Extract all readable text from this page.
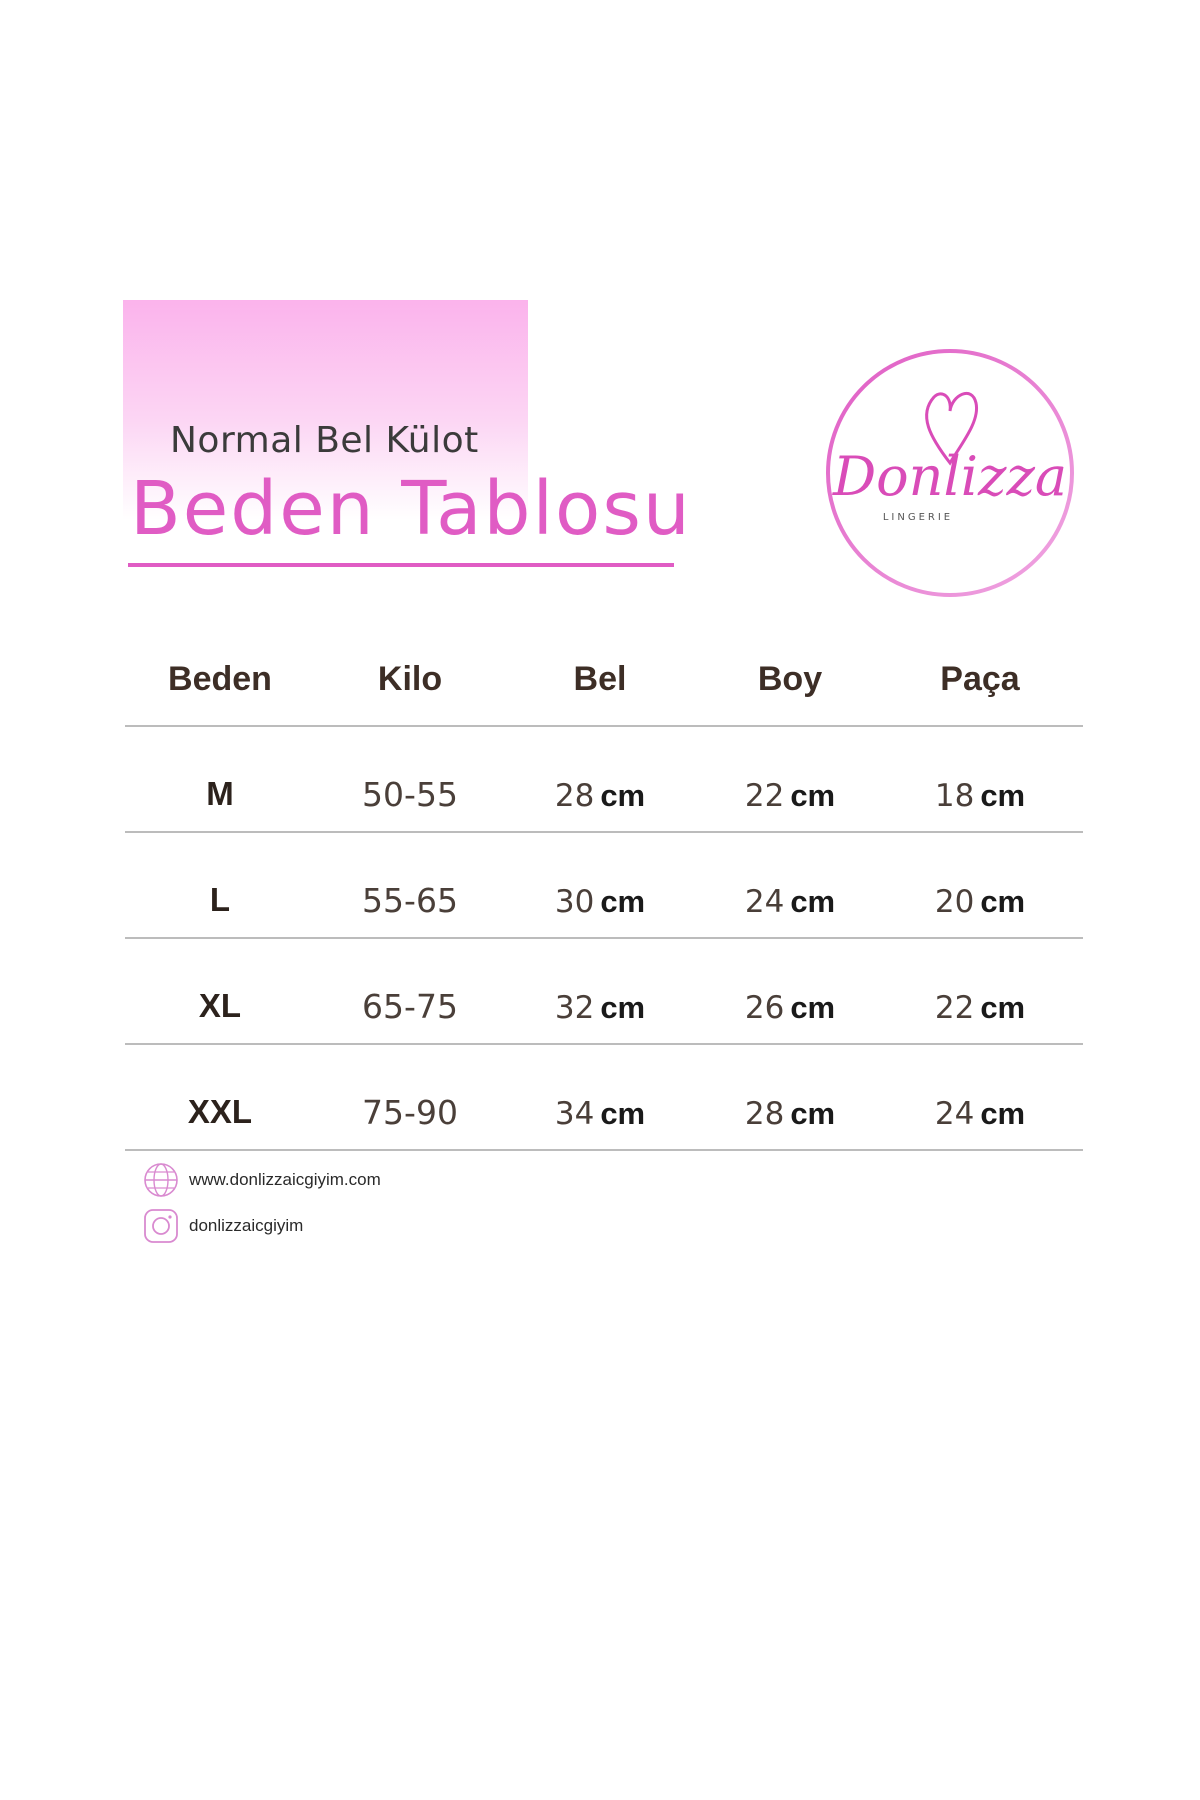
Normal Bel Külot
Beden Tablosu	Donlizza
LINGERIE
Beden	Kilo	Bel	Boy	Paça
M	50-55	28 cm	22 cm	18 cm
L	55-65	30 cm	24 cm	20 cm
XL	65-75	32 cm	26 cm	22 cm
XXL	75-90	34 cm	28 cm	24 cm
www.donlizzaicgiyim.com
donlizzaicgiyim
